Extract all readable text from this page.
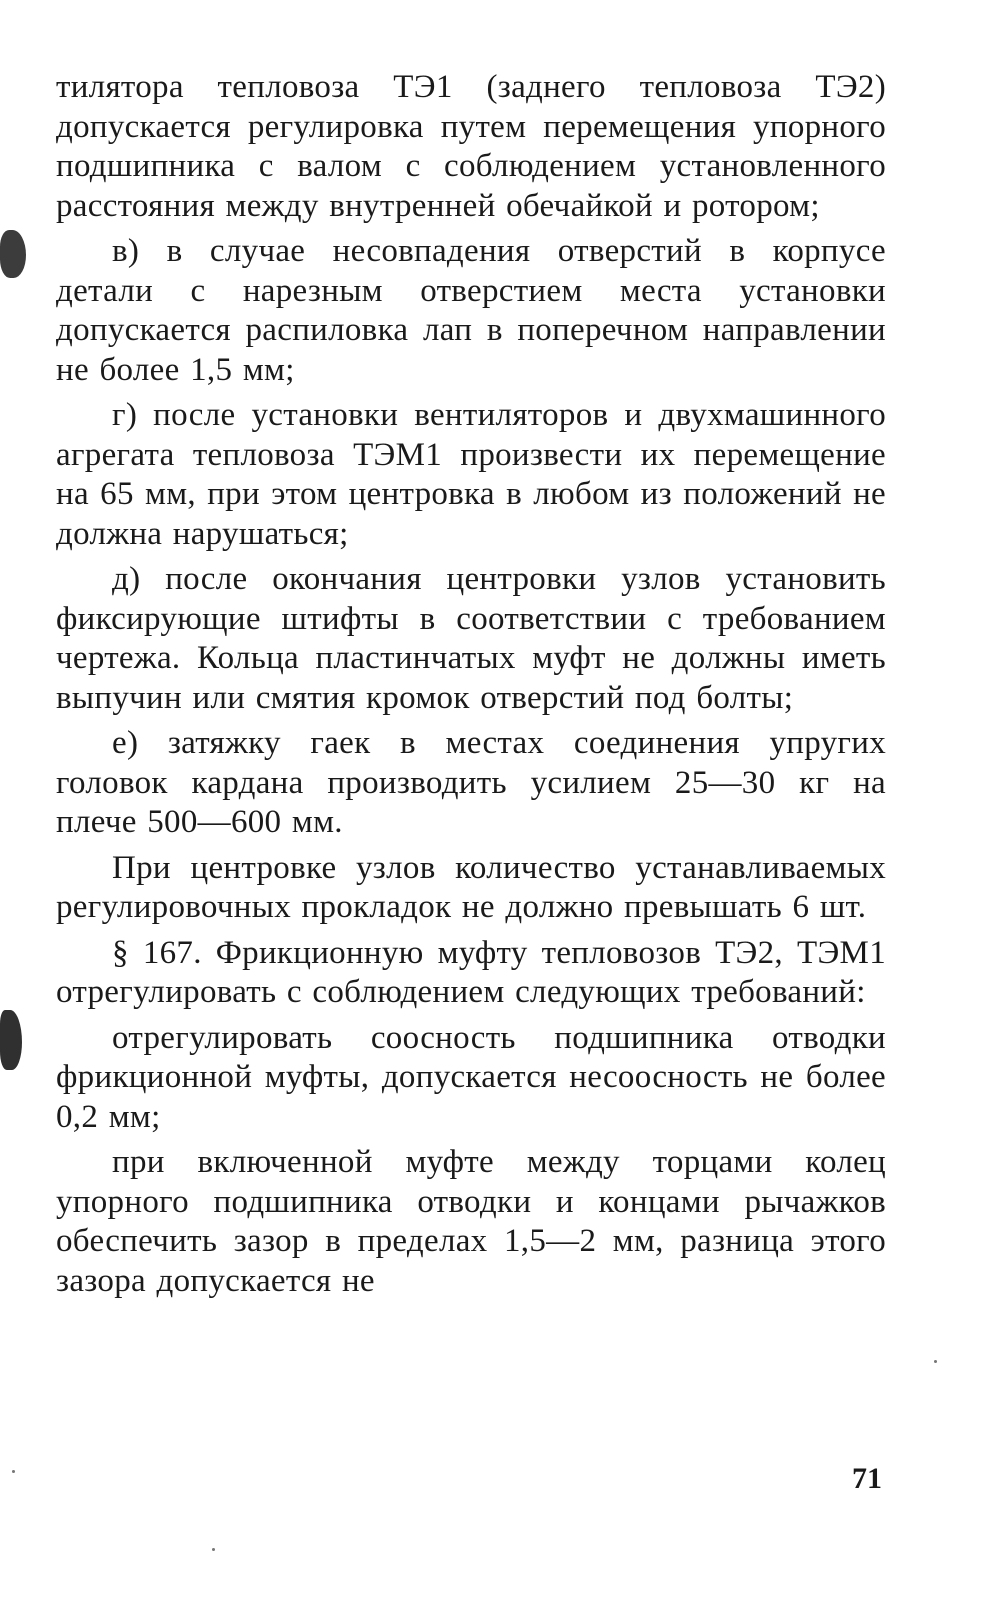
тилятора тепловоза ТЭ1 (заднего тепловоза ТЭ2) допускается регулировка путем перемещения упорного подшипника с валом с соблюдением установленного расстояния между внутренней обечайкой и ротором;

в) в случае несовпадения отверстий в корпусе детали с нарезным отверстием места установки допускается распиловка лап в поперечном направлении не более 1,5 мм;

г) после установки вентиляторов и двухмашинного агрегата тепловоза ТЭМ1 произвести их перемещение на 65 мм, при этом центровка в любом из положений не должна нарушаться;

д) после окончания центровки узлов установить фиксирующие штифты в соответствии с требованием чертежа. Кольца пластинчатых муфт не должны иметь выпучин или смятия кромок отверстий под болты;

е) затяжку гаек в местах соединения упругих головок кардана производить усилием 25—30 кг на плече 500—600 мм.

При центровке узлов количество устанавливаемых регулировочных прокладок не должно превышать 6 шт.

§ 167. Фрикционную муфту тепловозов ТЭ2, ТЭМ1 отрегулировать с соблюдением следующих требований:

отрегулировать соосность подшипника отводки фрикционной муфты, допускается несоосность не более 0,2 мм;

при включенной муфте между торцами колец упорного подшипника отводки и концами рычажков обеспечить зазор в пределах 1,5—2 мм, разница этого зазора допускается не

71
